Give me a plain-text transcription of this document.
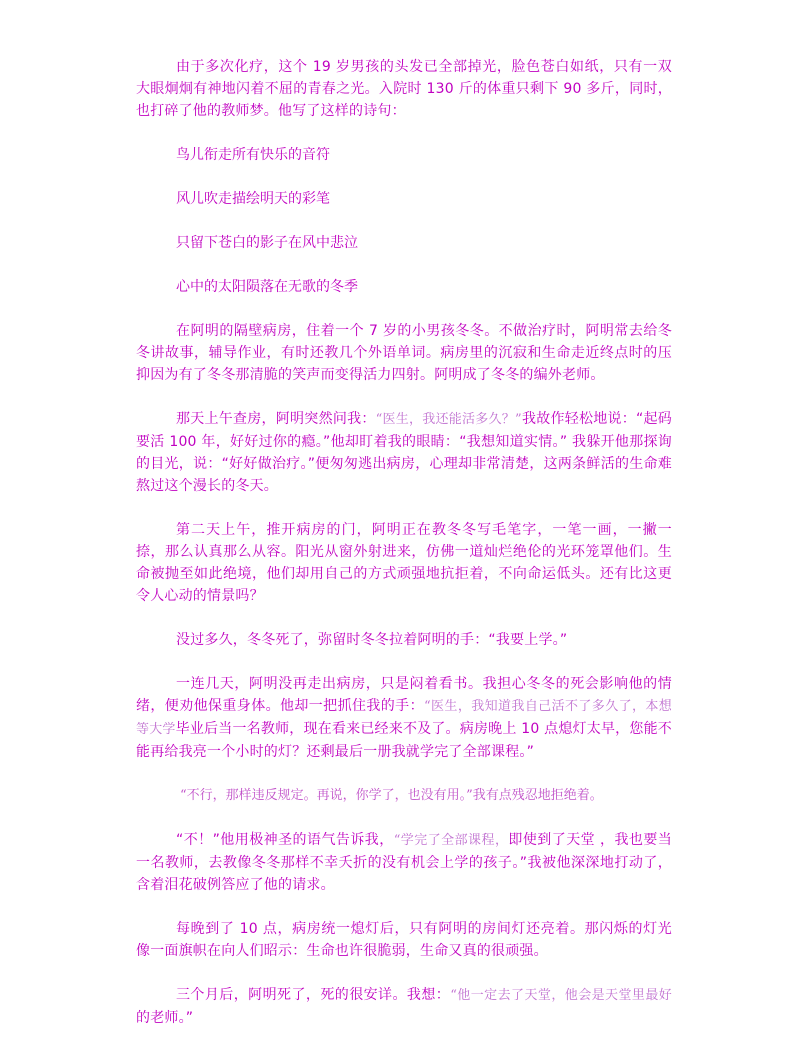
由于多次化疗，这个 19 岁男孩的头发已全部掉光，脸色苍白如纸，只有一双大眼炯炯有神地闪着不屈的青春之光。入院时 130 斤的体重只剩下 90 多斤，同时，也打碎了他的教师梦。他写了这样的诗句：

鸟儿衔走所有快乐的音符

风儿吹走描绘明天的彩笔

只留下苍白的影子在风中悲泣

心中的太阳陨落在无歌的冬季

在阿明的隔壁病房，住着一个 7 岁的小男孩冬冬。不做治疗时，阿明常去给冬冬讲故事，辅导作业，有时还教几个外语单词。病房里的沉寂和生命走近终点时的压抑因为有了冬冬那清脆的笑声而变得活力四射。阿明成了冬冬的编外老师。

那天上午查房，阿明突然问我：“医生，我还能活多久？”我故作轻松地说：“起码要活 100 年，好好过你的瘾。”他却盯着我的眼睛：“我想知道实情。” 我躲开他那探询的目光，说：“好好做治疗。”便匆匆逃出病房，心理却非常清楚，这两条鲜活的生命难熬过这个漫长的冬天。

第二天上午，推开病房的门，阿明正在教冬冬写毛笔字，一笔一画，一撇一捺，那么认真那么从容。阳光从窗外射进来，仿佛一道灿烂绝伦的光环笼罩他们。生命被抛至如此绝境，他们却用自己的方式顽强地抗拒着，不向命运低头。还有比这更令人心动的情景吗？

没过多久，冬冬死了，弥留时冬冬拉着阿明的手：“我要上学。”

一连几天，阿明没再走出病房，只是闷着看书。我担心冬冬的死会影响他的情绪，便劝他保重身体。他却一把抓住我的手：“医生，我知道我自己活不了多久了，本想等大学毕业后当一名教师，现在看来已经来不及了。病房晚上 10 点熄灯太早，您能不能再给我亮一个小时的灯？还剩最后一册我就学完了全部课程。”

“不行，那样违反规定。再说，你学了，也没有用。”我有点残忍地拒绝着。

“不！”他用极神圣的语气告诉我，“学完了全部课程，即使到了天堂 ，我也要当一名教师，去教像冬冬那样不幸夭折的没有机会上学的孩子。”我被他深深地打动了，含着泪花破例答应了他的请求。

每晚到了 10 点，病房统一熄灯后，只有阿明的房间灯还亮着。那闪烁的灯光像一面旗帜在向人们昭示：生命也许很脆弱，生命又真的很顽强。

三个月后，阿明死了，死的很安详。我想：“他一定去了天堂，他会是天堂里最好的老师。”
